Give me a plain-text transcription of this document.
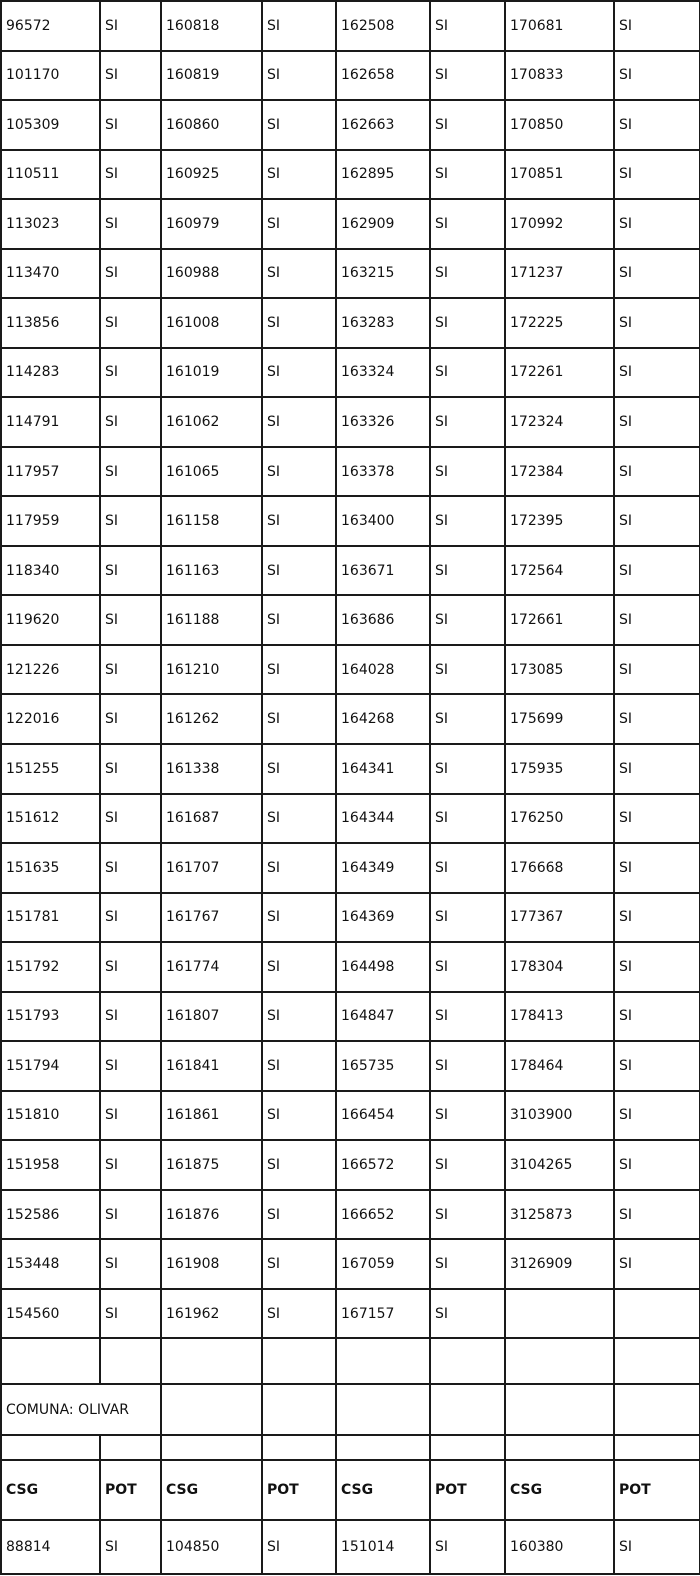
96572	SI	160818	SI	162508	SI	170681	SI
101170	SI	160819	SI	162658	SI	170833	SI
105309	SI	160860	SI	162663	SI	170850	SI
110511	SI	160925	SI	162895	SI	170851	SI
113023	SI	160979	SI	162909	SI	170992	SI
113470	SI	160988	SI	163215	SI	171237	SI
113856	SI	161008	SI	163283	SI	172225	SI
114283	SI	161019	SI	163324	SI	172261	SI
114791	SI	161062	SI	163326	SI	172324	SI
117957	SI	161065	SI	163378	SI	172384	SI
117959	SI	161158	SI	163400	SI	172395	SI
118340	SI	161163	SI	163671	SI	172564	SI
119620	SI	161188	SI	163686	SI	172661	SI
121226	SI	161210	SI	164028	SI	173085	SI
122016	SI	161262	SI	164268	SI	175699	SI
151255	SI	161338	SI	164341	SI	175935	SI
151612	SI	161687	SI	164344	SI	176250	SI
151635	SI	161707	SI	164349	SI	176668	SI
151781	SI	161767	SI	164369	SI	177367	SI
151792	SI	161774	SI	164498	SI	178304	SI
151793	SI	161807	SI	164847	SI	178413	SI
151794	SI	161841	SI	165735	SI	178464	SI
151810	SI	161861	SI	166454	SI	3103900	SI
151958	SI	161875	SI	166572	SI	3104265	SI
152586	SI	161876	SI	166652	SI	3125873	SI
153448	SI	161908	SI	167059	SI	3126909	SI
154560	SI	161962	SI	167157	SI		

COMUNA: OLIVAR							

CSG	POT	CSG	POT	CSG	POT	CSG	POT
88814	SI	104850	SI	151014	SI	160380	SI
